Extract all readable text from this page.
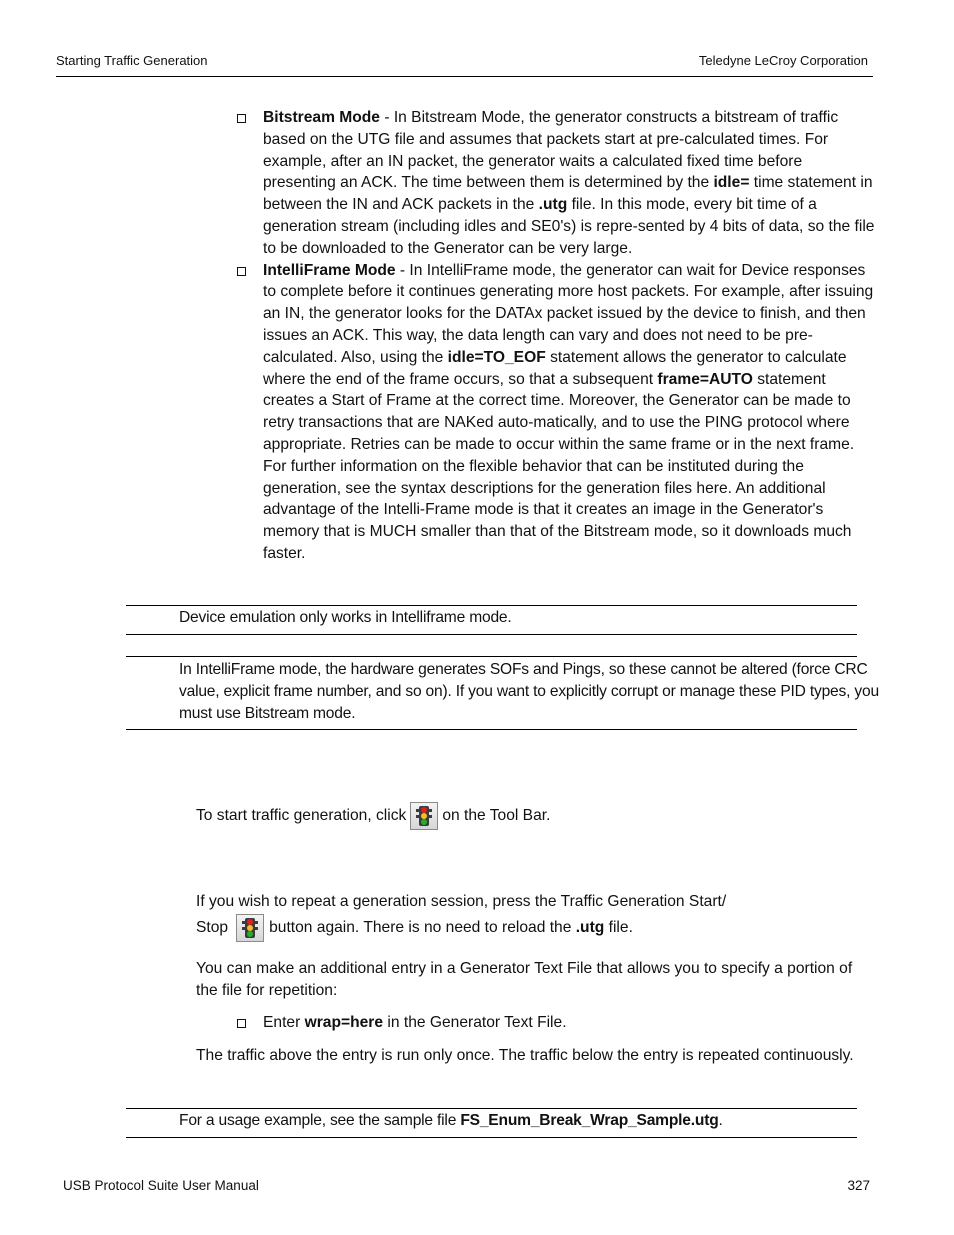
Starting Traffic Generation	Teledyne LeCroy Corporation

Bitstream Mode - In Bitstream Mode, the generator constructs a bitstream of traffic based on the UTG file and assumes that packets start at pre-calculated times. For example, after an IN packet, the generator waits a calculated fixed time before presenting an ACK. The time between them is determined by the idle= time statement in between the IN and ACK packets in the .utg file. In this mode, every bit time of a generation stream (including idles and SE0's) is repre-sented by 4 bits of data, so the file to be downloaded to the Generator can be very large.

IntelliFrame Mode - In IntelliFrame mode, the generator can wait for Device responses to complete before it continues generating more host packets. For example, after issuing an IN, the generator looks for the DATAx packet issued by the device to finish, and then issues an ACK. This way, the data length can vary and does not need to be pre-calculated. Also, using the idle=TO_EOF statement allows the generator to calculate where the end of the frame occurs, so that a subsequent frame=AUTO statement creates a Start of Frame at the correct time. Moreover, the Generator can be made to retry transactions that are NAKed auto-matically, and to use the PING protocol where appropriate. Retries can be made to occur within the same frame or in the next frame. For further information on the flexible behavior that can be instituted during the generation, see the syntax descriptions for the generation files here. An additional advantage of the Intelli-Frame mode is that it creates an image in the Generator's memory that is MUCH smaller than that of the Bitstream mode, so it downloads much faster.

Device emulation only works in Intelliframe mode.
In IntelliFrame mode, the hardware generates SOFs and Pings, so these cannot be altered (force CRC value, explicit frame number, and so on). If you want to explicitly corrupt or manage these PID types, you must use Bitstream mode.
To start traffic generation, click on the Tool Bar.
If you wish to repeat a generation session, press the Traffic Generation Start/
Stop	button again. There is no need to reload the .utg file.
You can make an additional entry in a Generator Text File that allows you to specify a portion of the file for repetition:

Enter wrap=here in the Generator Text File.

The traffic above the entry is run only once. The traffic below the entry is repeated continuously.
For a usage example, see the sample file FS_Enum_Break_Wrap_Sample.utg.
USB Protocol Suite User Manual	327
